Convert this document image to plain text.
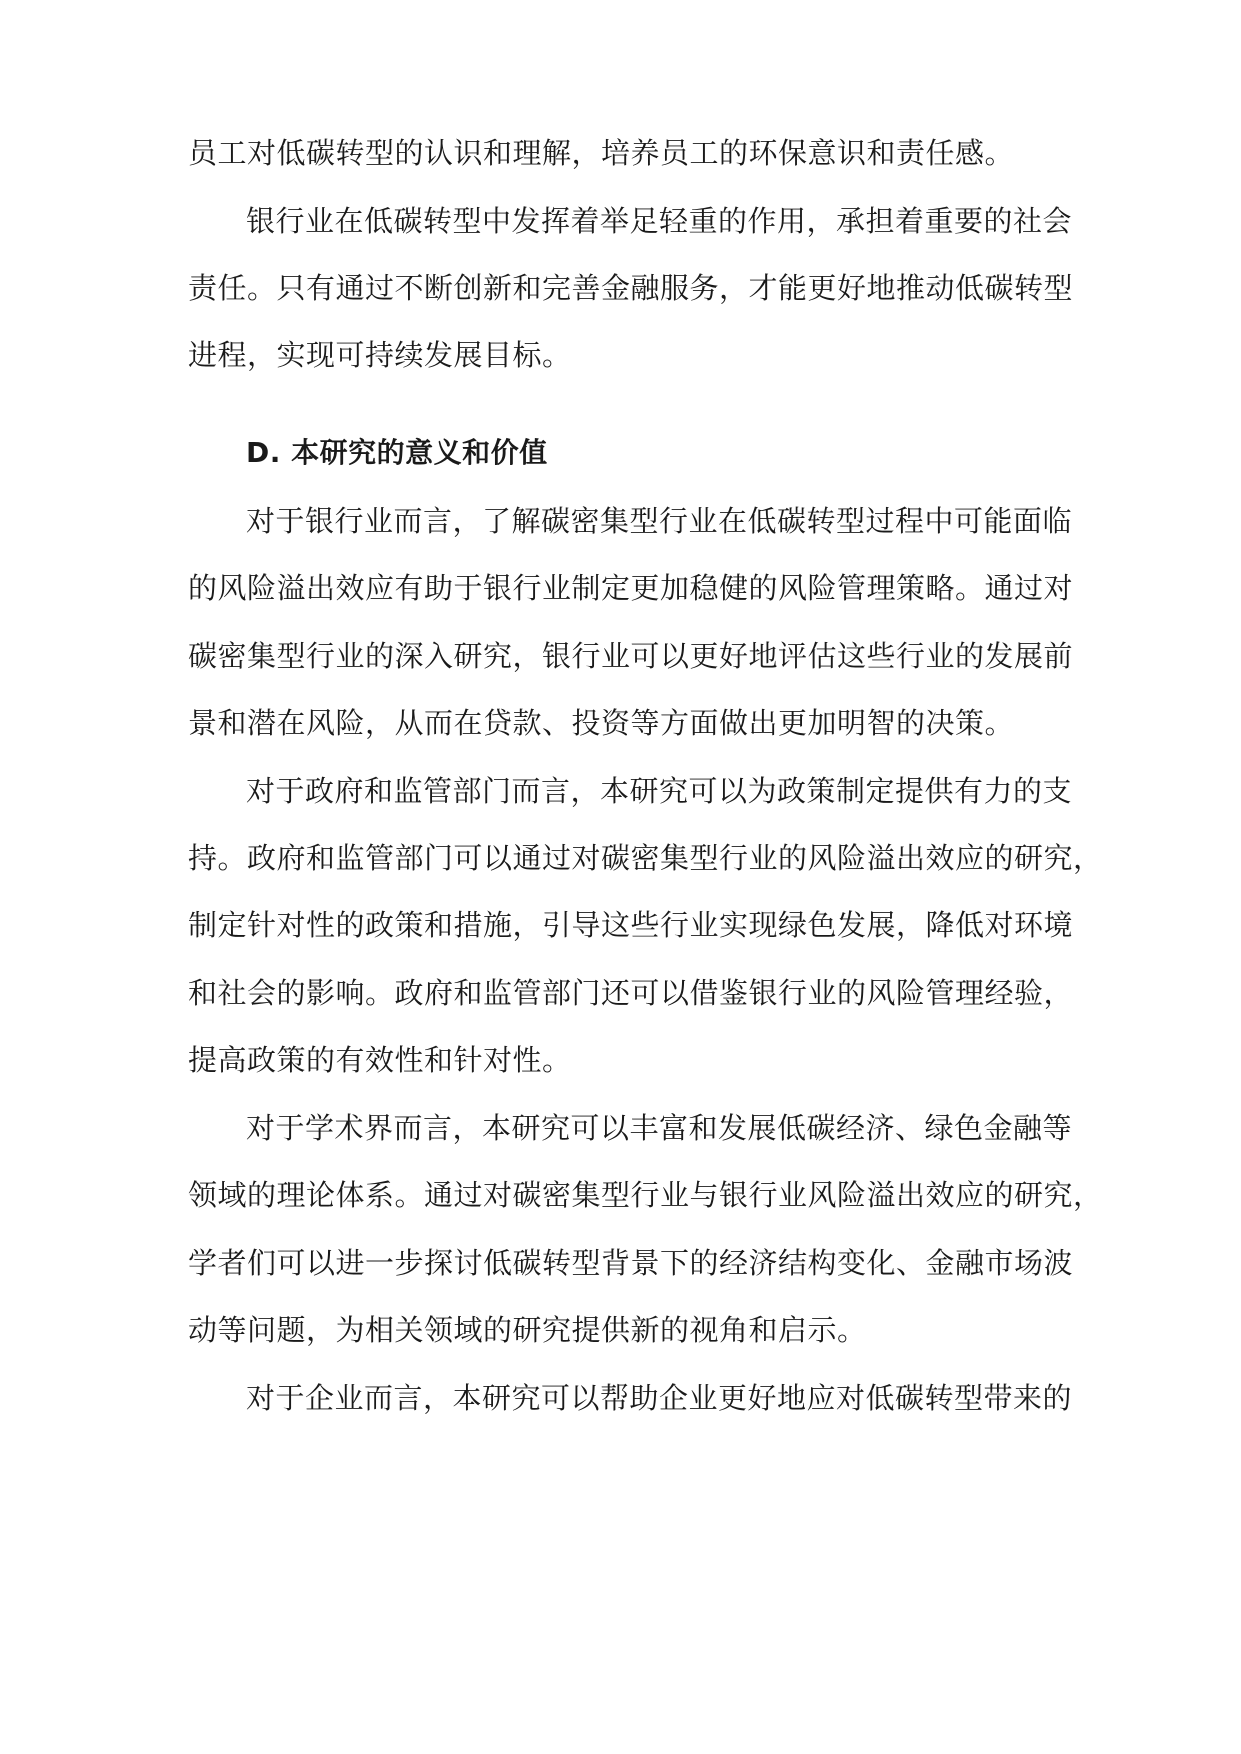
员工对低碳转型的认识和理解，培养员工的环保意识和责任感。
银行业在低碳转型中发挥着举足轻重的作用，承担着重要的社会
责任。只有通过不断创新和完善金融服务，才能更好地推动低碳转型
进程，实现可持续发展目标。
D. 本研究的意义和价值
对于银行业而言，了解碳密集型行业在低碳转型过程中可能面临
的风险溢出效应有助于银行业制定更加稳健的风险管理策略。通过对
碳密集型行业的深入研究，银行业可以更好地评估这些行业的发展前
景和潜在风险，从而在贷款、投资等方面做出更加明智的决策。
对于政府和监管部门而言，本研究可以为政策制定提供有力的支
持。政府和监管部门可以通过对碳密集型行业的风险溢出效应的研究，
制定针对性的政策和措施，引导这些行业实现绿色发展，降低对环境
和社会的影响。政府和监管部门还可以借鉴银行业的风险管理经验，
提高政策的有效性和针对性。
对于学术界而言，本研究可以丰富和发展低碳经济、绿色金融等
领域的理论体系。通过对碳密集型行业与银行业风险溢出效应的研究，
学者们可以进一步探讨低碳转型背景下的经济结构变化、金融市场波
动等问题，为相关领域的研究提供新的视角和启示。
对于企业而言，本研究可以帮助企业更好地应对低碳转型带来的
